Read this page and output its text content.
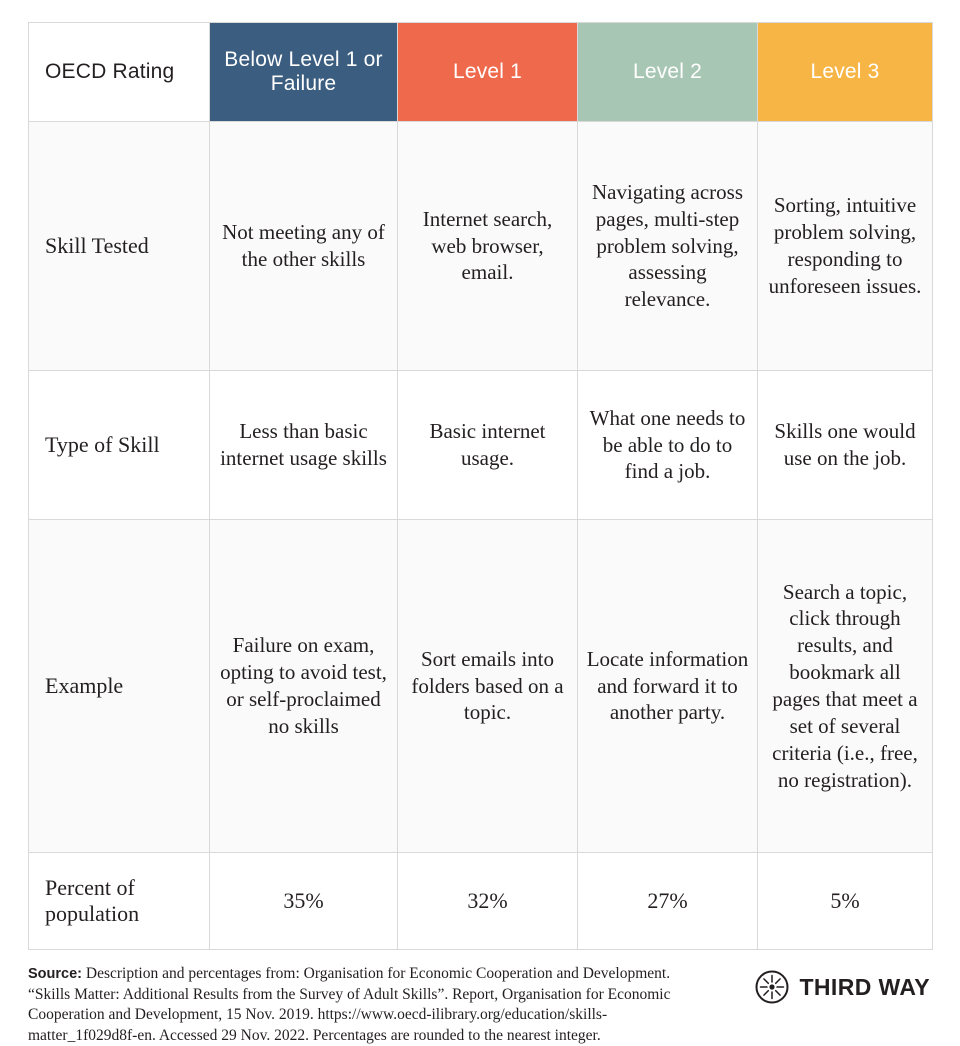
OECD Rating	Below Level 1 or Failure	Level 1	Level 2	Level 3
Skill Tested	Not meeting any of the other skills	Internet search, web browser, email.	Navigating across pages, multi-step problem solving, assessing relevance.	Sorting, intuitive problem solving, responding to unforeseen issues.
Type of Skill	Less than basic internet usage skills	Basic internet usage.	What one needs to be able to do to find a job.	Skills one would use on the job.
Example	Failure on exam, opting to avoid test, or self-proclaimed no skills	Sort emails into folders based on a topic.	Locate information and forward it to another party.	Search a topic, click through results, and bookmark all pages that meet a set of several criteria (i.e., free, no registration).
Percent of population	35%	32%	27%	5%
Source: Description and percentages from: Organisation for Economic Cooperation and Development. “Skills Matter: Additional Results from the Survey of Adult Skills”. Report, Organisation for Economic Cooperation and Development, 15 Nov. 2019. https://www.oecd-ilibrary.org/education/skills-matter_1f029d8f-en. Accessed 29 Nov. 2022. Percentages are rounded to the nearest integer.
THIRD WAY
